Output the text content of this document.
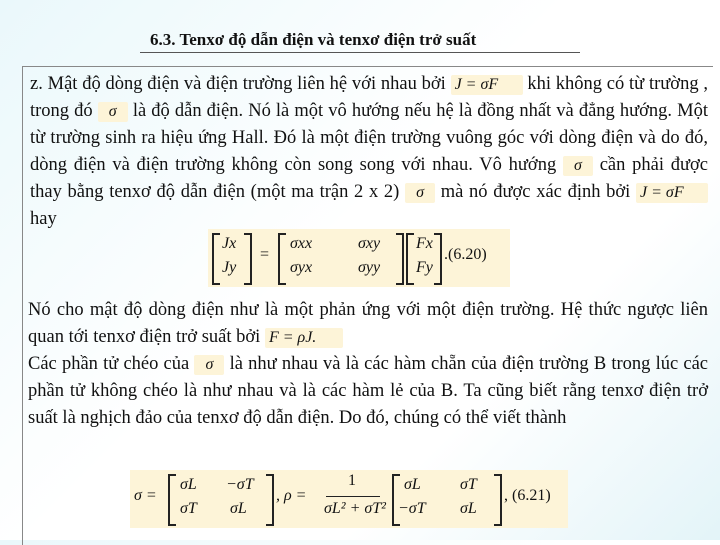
6.3. Tenxơ độ dẫn điện và tenxơ điện trở suất
z. Mật độ dòng điện và điện trường liên hệ với nhau bởi J = σF khi không có từ trường , trong đó σ là độ dẫn điện. Nó là một vô hướng nếu hệ là đồng nhất và đẳng hướng. Một từ trường sinh ra hiệu ứng Hall. Đó là một điện trường vuông góc với dòng điện và do đó, dòng điện và điện trường không còn song song với nhau. Vô hướng σ cần phải được thay bằng tenxơ độ dẫn điện (một ma trận 2 x 2) σ mà nó được xác định bởi J = σF hay
Jx
Jy
=
σxx	σxy
σyx	σyy
Fx
Fy
.(6.20)
Nó cho mật độ dòng điện như là một phản ứng với một điện trường. Hệ thức ngược liên quan tới tenxơ điện trở suất bởi F = ρJ.
Các phần tử chéo của σ là như nhau và là các hàm chẵn của điện trường B trong lúc các phần tử không chéo là như nhau và là các hàm lẻ của B. Ta cũng biết rằng tenxơ điện trở suất là nghịch đảo của tenxơ độ dẫn điện. Do đó, chúng có thể viết thành
σ =
σL −σT
σT σL
, ρ =
1
σL² + σT²
σL σT
−σT σL
, (6.21)
